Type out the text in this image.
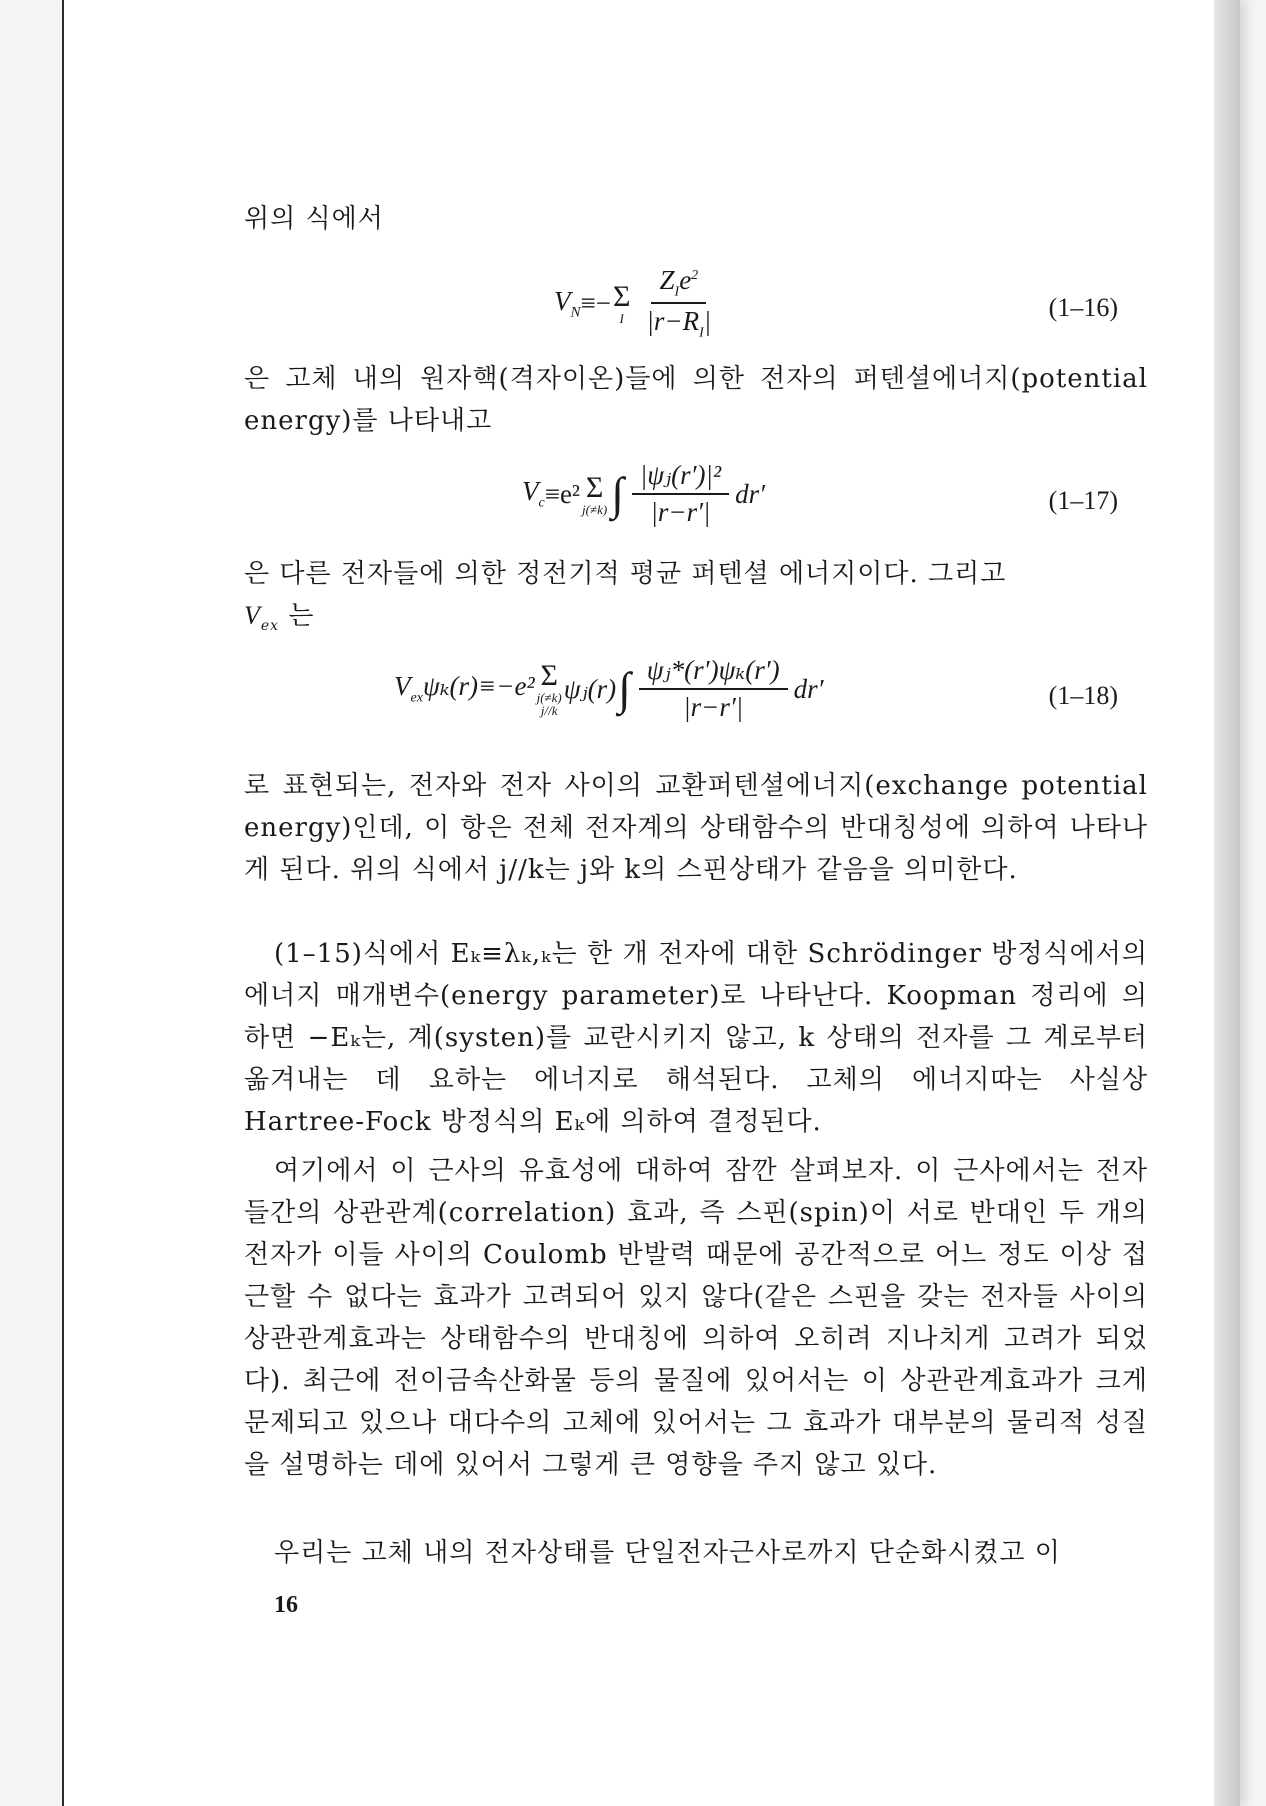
위의 식에서
$V_N \equiv- \Sigma$
I $\frac{Z_Ie^2}{|r-R_I|}$	(1–16)
은 고체 내의 원자핵(격자이온)들에 의한 전자의 퍼텐셜에너지(potential energy)를 나타내고
$V_c \equiv e^2$ Σ
j(≠k) ∫ $\frac{\text{|ψⱼ(r′)|²}}{|r-r'|} dr'$	(1–17)
은 다른 전자들에 의한 정전기적 평균 퍼텐셜 에너지이다. 그리고
$V_{ex}$ 는
$V_{ex}\psi_k(r)\equiv-e^2$ Σ
j(≠k)
j//k
ψⱼ(r) ∫ $\frac{\text{ψⱼ*(r′)ψₖ(r′)}}{|r-r'|} dr'$	(1–18)
로 표현되는, 전자와 전자 사이의 교환퍼텐셜에너지(exchange potential energy)인데, 이 항은 전체 전자계의 상태함수의 반대칭성에 의하여 나타나게 된다. 위의 식에서 j//k는 j와 k의 스핀상태가 같음을 의미한다.
(1–15)식에서 Eₖ≡λₖ,ₖ는 한 개 전자에 대한 Schrödinger 방정식에서의 에너지 매개변수(energy parameter)로 나타난다. Koopman 정리에 의하면 −Eₖ는, 계(systen)를 교란시키지 않고, k 상태의 전자를 그 계로부터 옮겨내는 데 요하는 에너지로 해석된다. 고체의 에너지따는 사실상 Hartree-Fock 방정식의 Eₖ에 의하여 결정된다.
여기에서 이 근사의 유효성에 대하여 잠깐 살펴보자. 이 근사에서는 전자들간의 상관관계(correlation) 효과, 즉 스핀(spin)이 서로 반대인 두 개의 전자가 이들 사이의 Coulomb 반발력 때문에 공간적으로 어느 정도 이상 접근할 수 없다는 효과가 고려되어 있지 않다(같은 스핀을 갖는 전자들 사이의 상관관계효과는 상태함수의 반대칭에 의하여 오히려 지나치게 고려가 되었다). 최근에 전이금속산화물 등의 물질에 있어서는 이 상관관계효과가 크게 문제되고 있으나 대다수의 고체에 있어서는 그 효과가 대부분의 물리적 성질을 설명하는 데에 있어서 그렇게 큰 영향을 주지 않고 있다.
우리는 고체 내의 전자상태를 단일전자근사로까지 단순화시켰고 이
16
